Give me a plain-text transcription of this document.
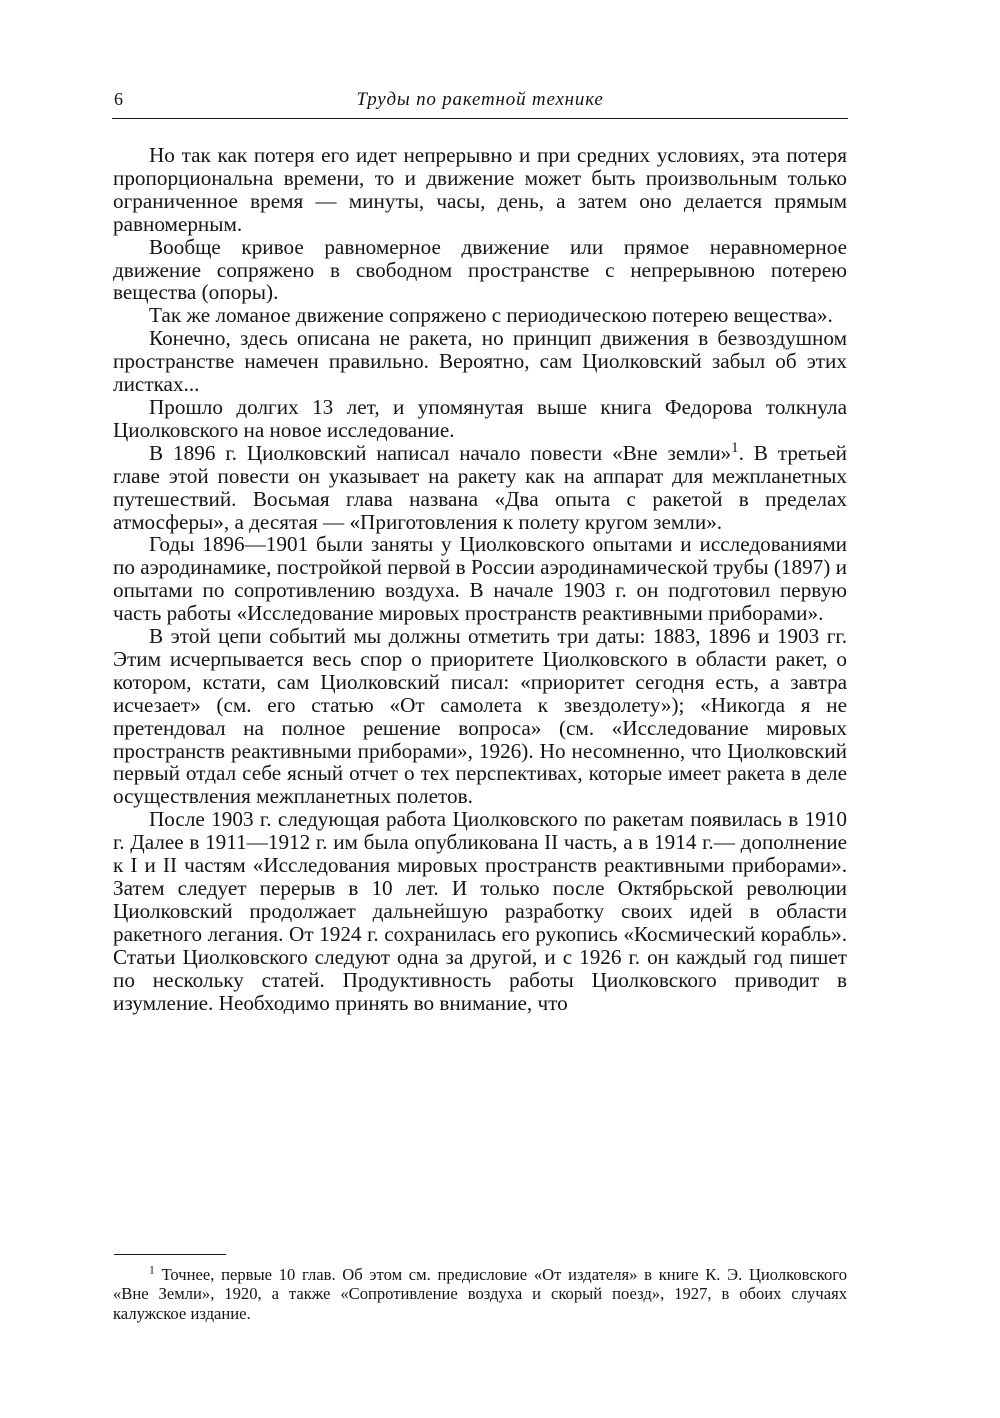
6	Труды по ракетной технике

Но так как потеря его идет непрерывно и при средних условиях, эта потеря пропорциональна времени, то и движение может быть произвольным только ограниченное время — минуты, часы, день, а затем оно делается прямым равномерным.

Вообще кривое равномерное движение или прямое неравномерное движение сопряжено в свободном пространстве с непрерывною потерею вещества (опоры).

Так же ломаное движение сопряжено с периодическою потерею вещества».

Конечно, здесь описана не ракета, но принцип движения в безвоздушном пространстве намечен правильно. Вероятно, сам Циолковский забыл об этих листках...

Прошло долгих 13 лет, и упомянутая выше книга Федорова толкнула Циолковского на новое исследование.

В 1896 г. Циолковский написал начало повести «Вне земли»$^1$. В третьей главе этой повести он указывает на ракету как на аппарат для межпланетных путешествий. Восьмая глава названа «Два опыта с ракетой в пределах атмосферы», а десятая — «Приготовления к полету кругом земли».

Годы 1896—1901 были заняты у Циолковского опытами и исследованиями по аэродинамике, постройкой первой в России аэродинамической трубы (1897) и опытами по сопротивлению воздуха. В начале 1903 г. он подготовил первую часть работы «Исследование мировых пространств реактивными приборами».

В этой цепи событий мы должны отметить три даты: 1883, 1896 и 1903 гг. Этим исчерпывается весь спор о приоритете Циолковского в области ракет, о котором, кстати, сам Циолковский писал: «приоритет сегодня есть, а завтра исчезает» (см. его статью «От самолета к звездолету»); «Никогда я не претендовал на полное решение вопроса» (см. «Исследование мировых пространств реактивными приборами», 1926). Но несомненно, что Циолковский первый отдал себе ясный отчет о тех перспективах, которые имеет ракета в деле осуществления межпланетных полетов.

После 1903 г. следующая работа Циолковского по ракетам появилась в 1910 г. Далее в 1911—1912 г. им была опубликована II часть, а в 1914 г.— дополнение к I и II частям «Исследования мировых пространств реактивными приборами». Затем следует перерыв в 10 лет. И только после Октябрьской революции Циолковский продолжает дальнейшую разработку своих идей в области ракетного легания. От 1924 г. сохранилась его рукопись «Космический корабль». Статьи Циолковского следуют одна за другой, и с 1926 г. он каждый год пишет по нескольку статей. Продуктивность работы Циолковского приводит в изумление. Необходимо принять во внимание, что

$^1$ Точнее, первые 10 глав. Об этом см. предисловие «От издателя» в книге К. Э. Циолковского «Вне Земли», 1920, а также «Сопротивление воздуха и скорый поезд», 1927, в обоих случаях калужское издание.
